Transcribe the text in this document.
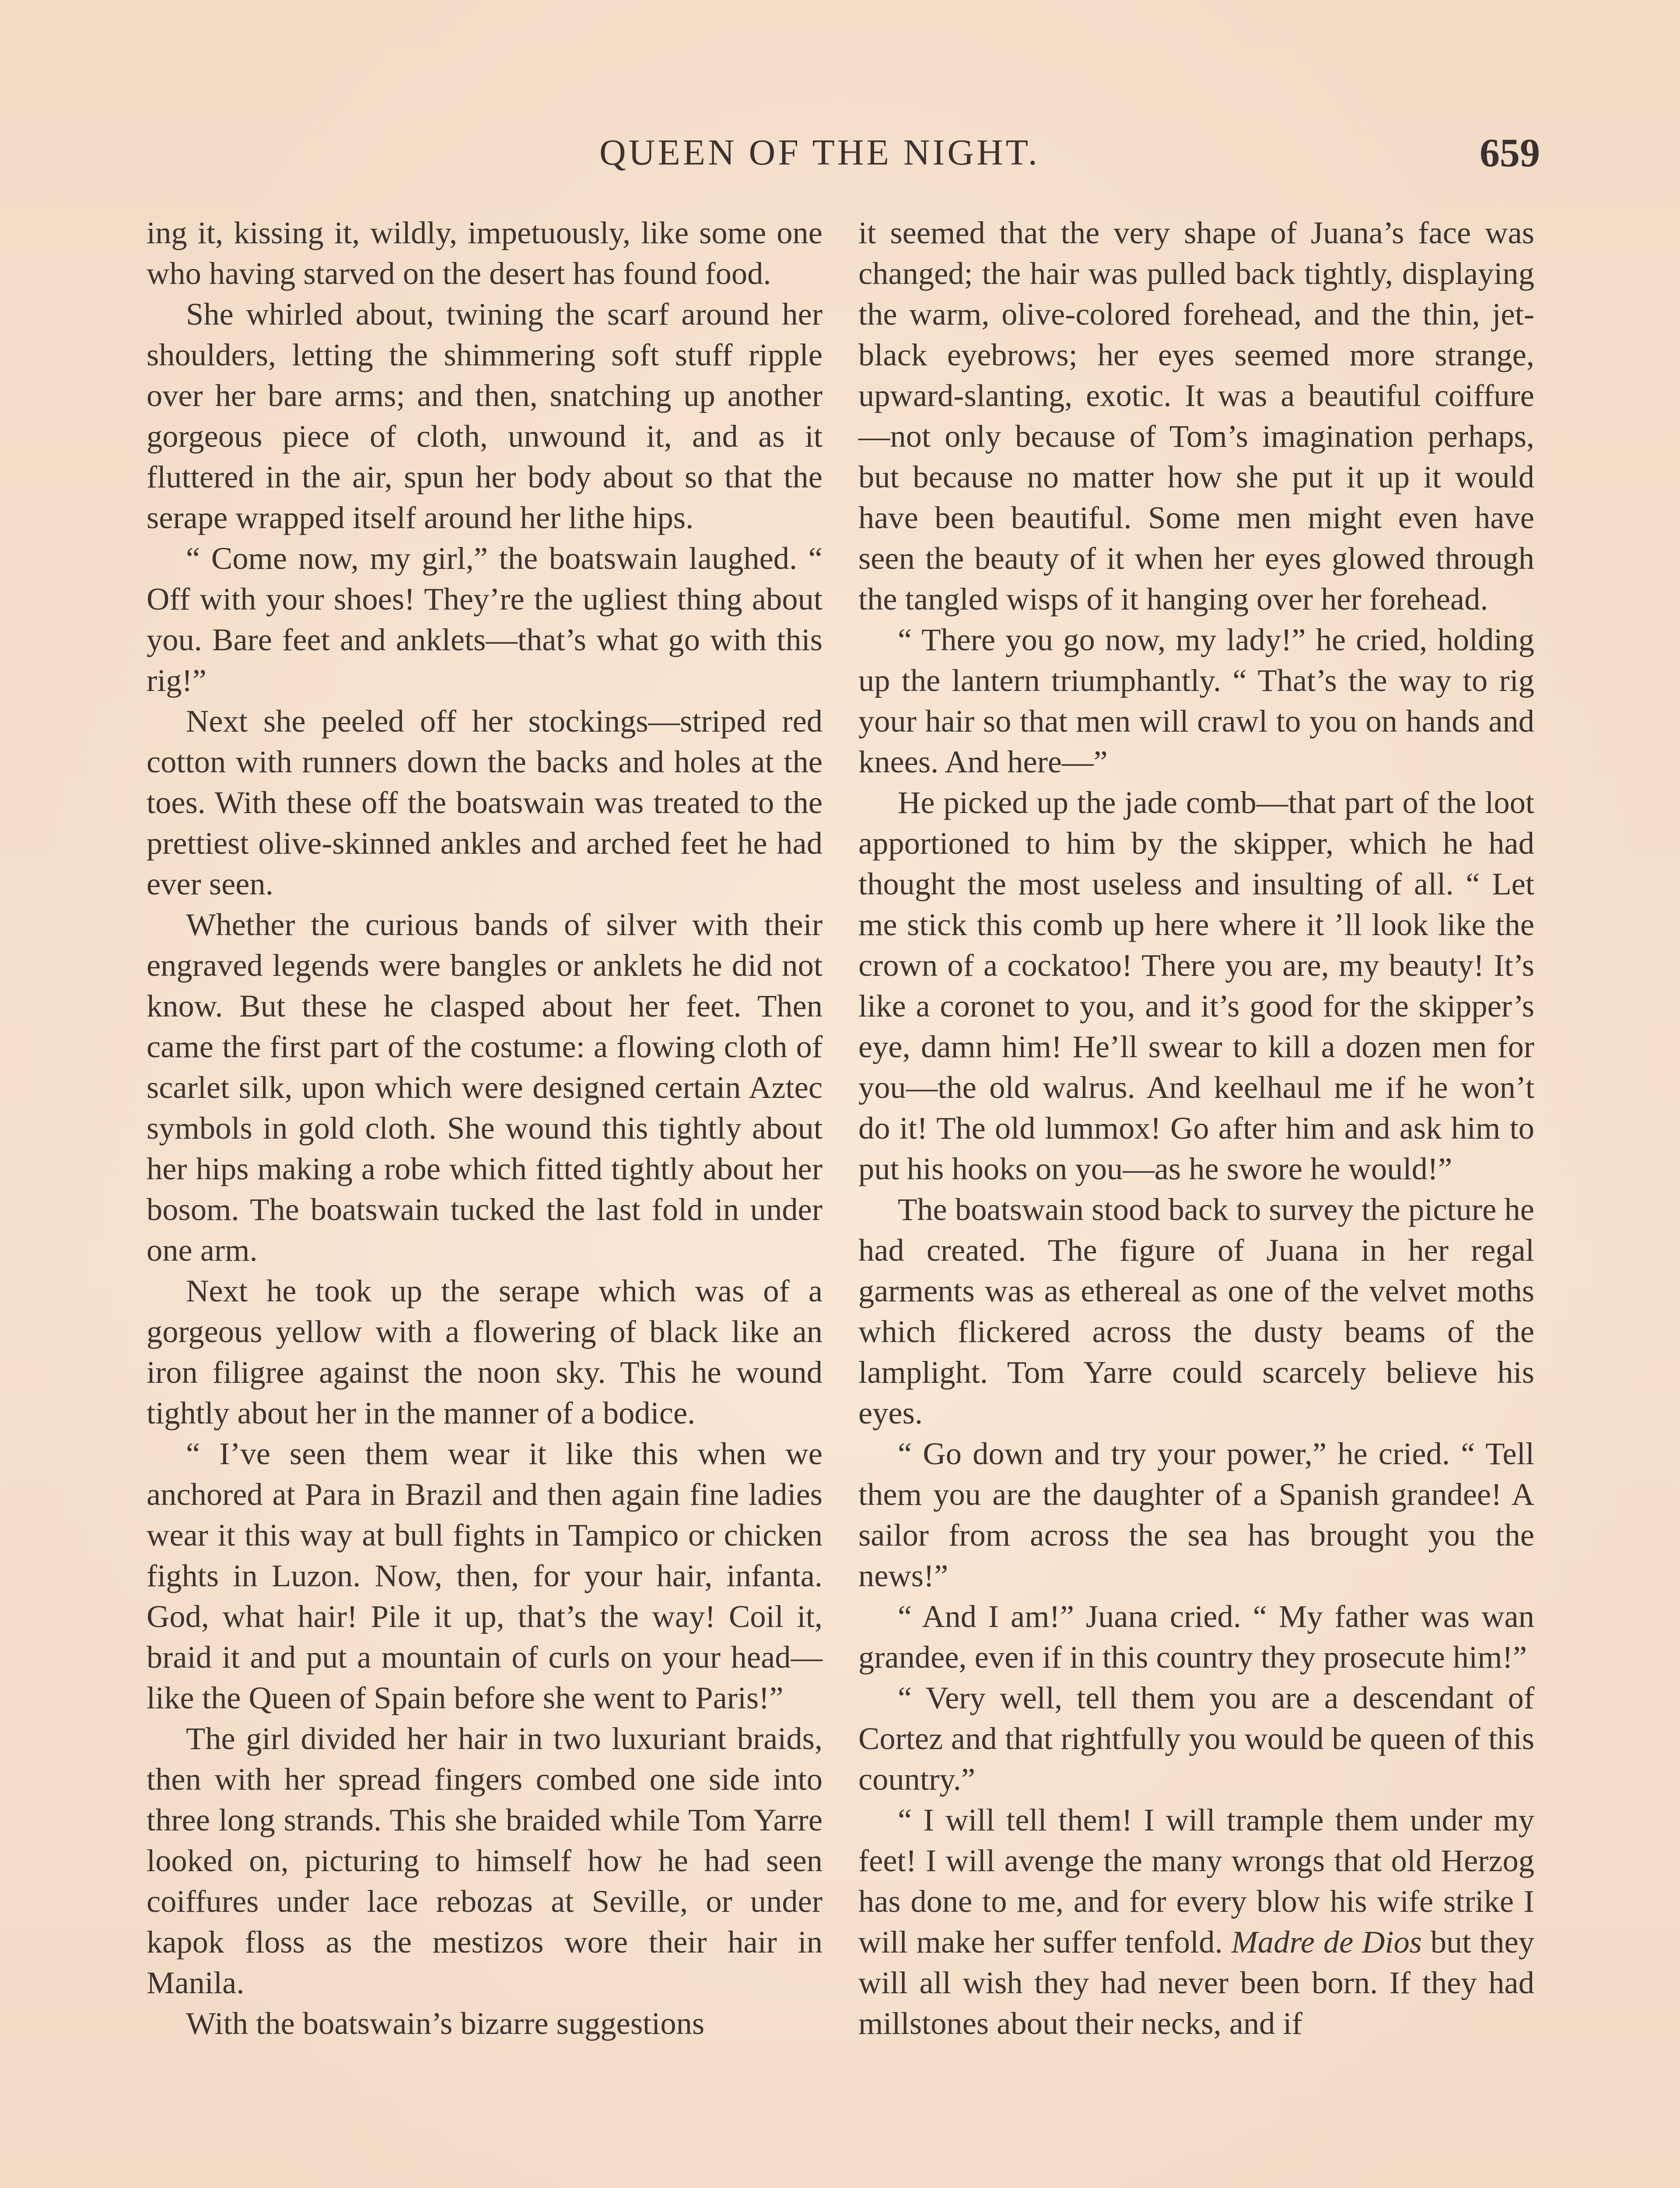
QUEEN OF THE NIGHT.	659

ing it, kissing it, wildly, impetuously, like some one who having starved on the desert has found food.

She whirled about, twining the scarf around her shoulders, letting the shimmering soft stuff ripple over her bare arms; and then, snatching up another gorgeous piece of cloth, unwound it, and as it fluttered in the air, spun her body about so that the serape wrapped itself around her lithe hips.

“ Come now, my girl,” the boatswain laughed. “ Off with your shoes! They’re the ugliest thing about you. Bare feet and anklets—that’s what go with this rig!”

Next she peeled off her stockings—striped red cotton with runners down the backs and holes at the toes. With these off the boatswain was treated to the prettiest olive-skinned ankles and arched feet he had ever seen.

Whether the curious bands of silver with their engraved legends were bangles or anklets he did not know. But these he clasped about her feet. Then came the first part of the costume: a flowing cloth of scarlet silk, upon which were designed certain Aztec symbols in gold cloth. She wound this tightly about her hips making a robe which fitted tightly about her bosom. The boatswain tucked the last fold in under one arm.

Next he took up the serape which was of a gorgeous yellow with a flowering of black like an iron filigree against the noon sky. This he wound tightly about her in the manner of a bodice.

“ I’ve seen them wear it like this when we anchored at Para in Brazil and then again fine ladies wear it this way at bull fights in Tampico or chicken fights in Luzon. Now, then, for your hair, infanta. God, what hair! Pile it up, that’s the way! Coil it, braid it and put a mountain of curls on your head—like the Queen of Spain before she went to Paris!”

The girl divided her hair in two luxuriant braids, then with her spread fingers combed one side into three long strands. This she braided while Tom Yarre looked on, picturing to himself how he had seen coiffures under lace rebozas at Seville, or under kapok floss as the mestizos wore their hair in Manila.

With the boatswain’s bizarre suggestions

it seemed that the very shape of Juana’s face was changed; the hair was pulled back tightly, displaying the warm, olive-colored forehead, and the thin, jet-black eyebrows; her eyes seemed more strange, upward-slanting, exotic. It was a beautiful coiffure —not only because of Tom’s imagination perhaps, but because no matter how she put it up it would have been beautiful. Some men might even have seen the beauty of it when her eyes glowed through the tangled wisps of it hanging over her forehead.

“ There you go now, my lady!” he cried, holding up the lantern triumphantly. “ That’s the way to rig your hair so that men will crawl to you on hands and knees. And here—”

He picked up the jade comb—that part of the loot apportioned to him by the skipper, which he had thought the most useless and insulting of all. “ Let me stick this comb up here where it ’ll look like the crown of a cockatoo! There you are, my beauty! It’s like a coronet to you, and it’s good for the skipper’s eye, damn him! He’ll swear to kill a dozen men for you—the old walrus. And keelhaul me if he won’t do it! The old lummox! Go after him and ask him to put his hooks on you—as he swore he would!”

The boatswain stood back to survey the picture he had created. The figure of Juana in her regal garments was as ethereal as one of the velvet moths which flickered across the dusty beams of the lamplight. Tom Yarre could scarcely believe his eyes.

“ Go down and try your power,” he cried. “ Tell them you are the daughter of a Spanish grandee! A sailor from across the sea has brought you the news!”

“ And I am!” Juana cried. “ My father was wan grandee, even if in this country they prosecute him!”

“ Very well, tell them you are a descendant of Cortez and that rightfully you would be queen of this country.”

“ I will tell them! I will trample them under my feet! I will avenge the many wrongs that old Herzog has done to me, and for every blow his wife strike I will make her suffer tenfold. Madre de Dios but they will all wish they had never been born. If they had millstones about their necks, and if
